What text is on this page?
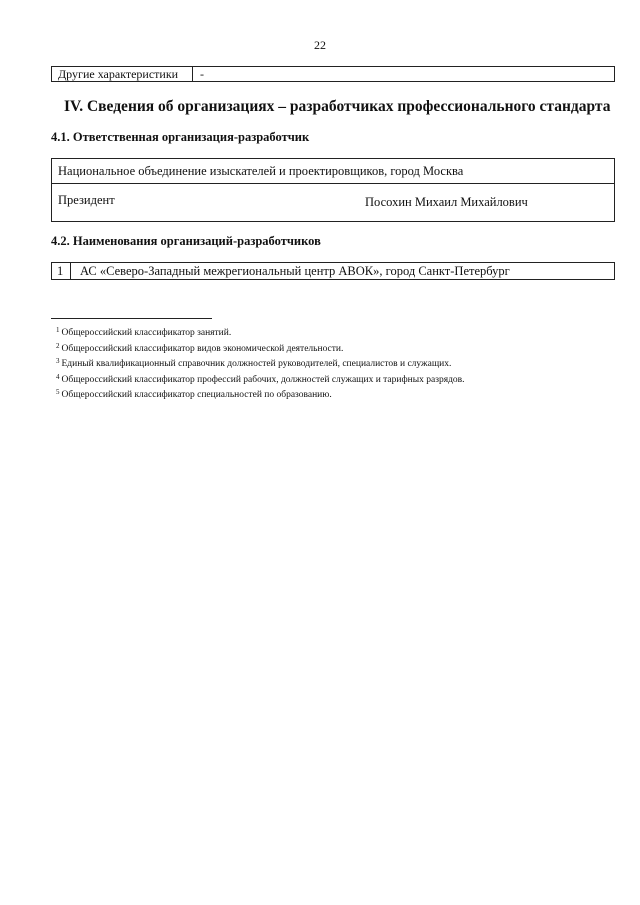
22
Другие характеристики	-
IV. Сведения об организациях – разработчиках профессионального стандарта
4.1. Ответственная организация-разработчик
Национальное объединение изыскателей и проектировщиков, город Москва
Президент	Посохин Михаил Михайлович
4.2. Наименования организаций-разработчиков
1	АС «Северо-Западный межрегиональный центр АВОК», город Санкт-Петербург
$^1$ Общероссийский классификатор занятий.
$^2$ Общероссийский классификатор видов экономической деятельности.
$^3$ Единый квалификационный справочник должностей руководителей, специалистов и служащих.
$^4$ Общероссийский классификатор профессий рабочих, должностей служащих и тарифных разрядов.
$^5$ Общероссийский классификатор специальностей по образованию.
